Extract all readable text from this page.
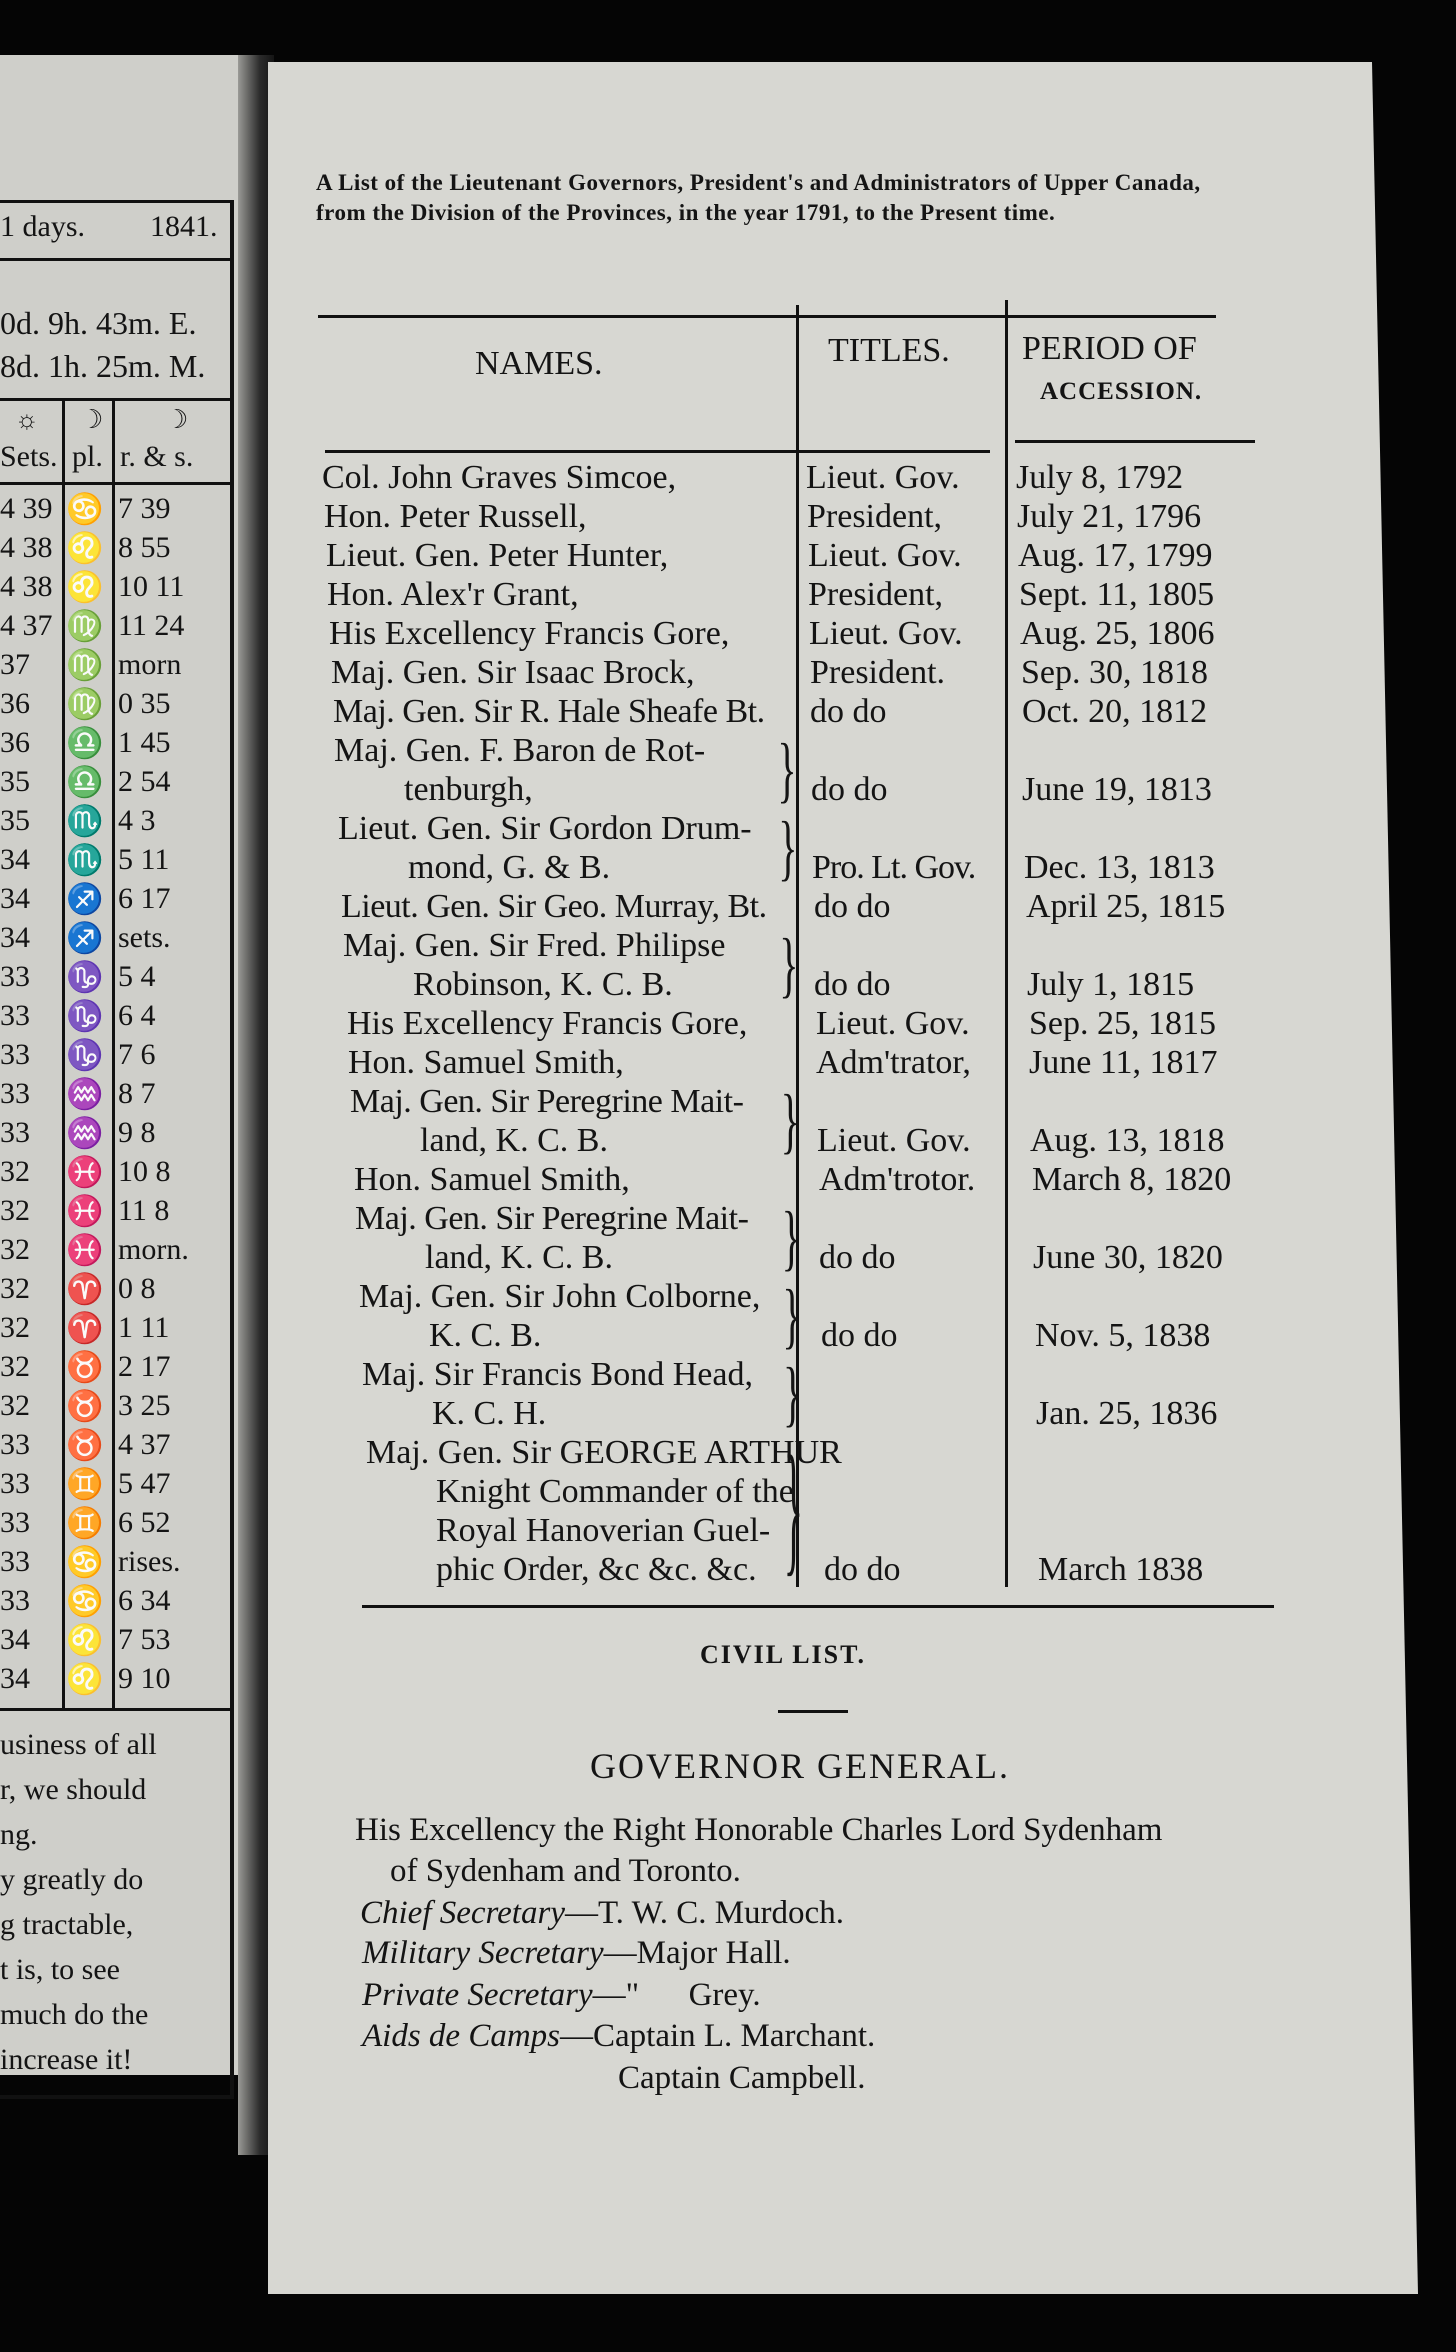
1 days. 1841.
0d. 9h. 43m. E.
8d. 1h. 25m. M.
☼ ☽ ☽
Sets. pl. r. & s.
4 39 ♋ 7 39
4 38 ♌ 8 55
4 38 ♌ 10 11
4 37 ♍ 11 24
37 ♍ morn
36 ♍ 0 35
36 ♎ 1 45
35 ♎ 2 54
35 ♏ 4 3
34 ♏ 5 11
34 ♐ 6 17
34 ♐ sets.
33 ♑ 5 4
33 ♑ 6 4
33 ♑ 7 6
33 ♒ 8 7
33 ♒ 9 8
32 ♓ 10 8
32 ♓ 11 8
32 ♓ morn.
32 ♈ 0 8
32 ♈ 1 11
32 ♉ 2 17
32 ♉ 3 25
33 ♉ 4 37
33 ♊ 5 47
33 ♊ 6 52
33 ♋ rises.
33 ♋ 6 34
34 ♌ 7 53
34 ♌ 9 10
usiness of all
r, we should
ng.
y greatly do
g tractable,
t is, to see
much do the
increase it!
A List of the Lieutenant Governors, President's and Administrators of Upper Canada, from the Division of the Provinces, in the year 1791, to the Present time.
NAMES.	TITLES. PERIOD OF
ACCESSION.
Col. John Graves Simcoe,	Lieut. Gov. July 8, 1792
Hon. Peter Russell,	President, July 21, 1796
Lieut. Gen. Peter Hunter,	Lieut. Gov. Aug. 17, 1799
Hon. Alex'r Grant,	President, Sept. 11, 1805
His Excellency Francis Gore, Lieut. Gov. Aug. 25, 1806
Maj. Gen. Sir Isaac Brock,	President. Sep. 30, 1818
Maj. Gen. Sir R. Hale Sheafe Bt. do do	Oct. 20, 1812
Maj. Gen. F. Baron de Rot-
tenburgh,	} do do	June 19, 1813
Lieut. Gen. Sir Gordon Drum-
mond, G. & B.	} Pro. Lt. Gov. Dec. 13, 1813
Lieut. Gen. Sir Geo. Murray, Bt. do do	April 25, 1815
Maj. Gen. Sir Fred. Philipse
Robinson, K. C. B.	} do do	July 1, 1815
His Excellency Francis Gore, Lieut. Gov. Sep. 25, 1815
Hon. Samuel Smith,	Adm'trator, June 11, 1817
Maj. Gen. Sir Peregrine Mait-
land, K. C. B.	} Lieut. Gov. Aug. 13, 1818
Hon. Samuel Smith,	Adm'trotor. March 8, 1820
Maj. Gen. Sir Peregrine Mait-
land, K. C. B.	} do do	June 30, 1820
Maj. Gen. Sir John Colborne,
K. C. B.	} do do	Nov. 5, 1838
Maj. Sir Francis Bond Head,
K. C. H.	}	Jan. 25, 1836
Maj. Gen. Sir GEORGE ARTHUR
Knight Commander of the
Royal Hanoverian Guel-
phic Order, &c &c. &c. } do do	March 1838
CIVIL LIST.
GOVERNOR GENERAL.
His Excellency the Right Honorable Charles Lord Sydenham
of Sydenham and Toronto.
Chief Secretary—T. W. C. Murdoch.
Military Secretary—Major Hall.
Private Secretary—"      Grey.
Aids de Camps—Captain L. Marchant.
Captain Campbell.
